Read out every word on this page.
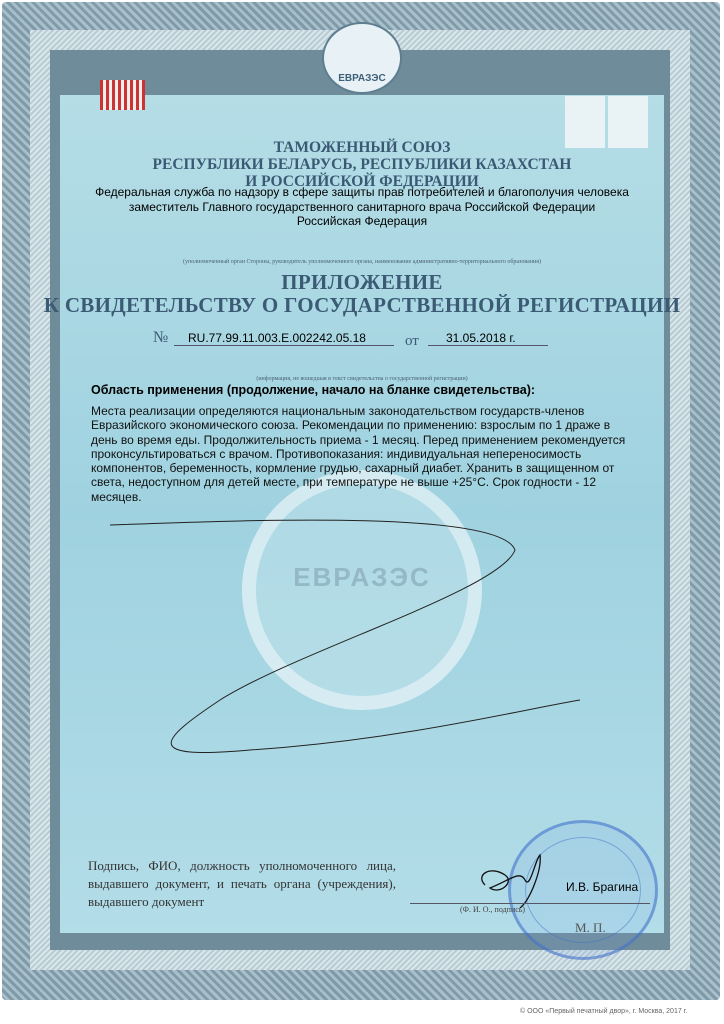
ЕВРАЗЭС
ЕВРАЗЭС
ТАМОЖЕННЫЙ СОЮЗ
РЕСПУБЛИКИ БЕЛАРУСЬ, РЕСПУБЛИКИ КАЗАХСТАН
И РОССИЙСКОЙ ФЕДЕРАЦИИ
Федеральная служба по надзору в сфере защиты прав потребителей и благополучия человека
заместитель Главного государственного санитарного врача Российской Федерации
Российская Федерация
(уполномоченный орган Стороны, руководитель уполномоченного органа, наименование административно-территориального образования)
ПРИЛОЖЕНИЕ
К СВИДЕТЕЛЬСТВУ О ГОСУДАРСТВЕННОЙ РЕГИСТРАЦИИ
№ RU.77.99.11.003.E.002242.05.18	от 31.05.2018 г.
(информация, не вошедшая в текст свидетельства о государственной регистрации)
Область применения (продолжение, начало на бланке свидетельства):
Места реализации определяются национальным законодательством государств-членов Евразийского экономического союза. Рекомендации по применению: взрослым по 1 драже в день во время еды. Продолжительность приема - 1 месяц. Перед применением рекомендуется проконсультироваться с врачом. Противопоказания: индивидуальная непереносимость компонентов, беременность, кормление грудью, сахарный диабет. Хранить в защищенном от света, недоступном для детей месте, при температуре не выше +25°С. Срок годности - 12 месяцев.
Подпись, ФИО, должность уполномоченного лица, выдавшего документ, и печать органа (учреждения), выдавшего документ
И.В. Брагина
(Ф. И. О., подпись)
М. П.
© ООО «Первый печатный двор», г. Москва, 2017 г.
